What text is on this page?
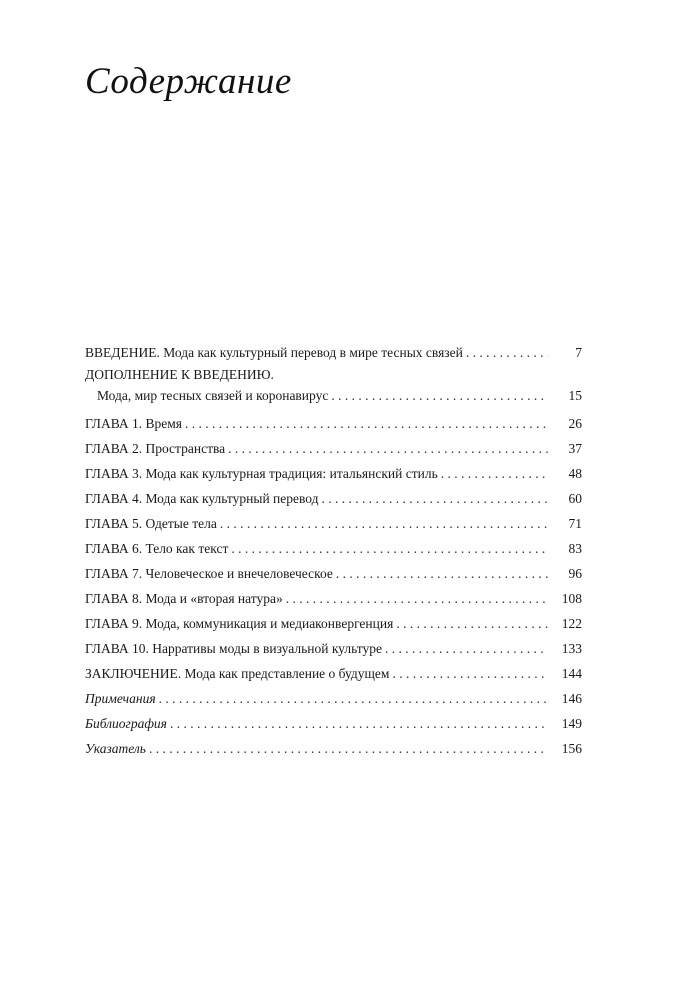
Содержание
ВВЕДЕНИЕ. Мода как культурный перевод в мире тесных связей . . .	7
ДОПОЛНЕНИЕ К ВВЕДЕНИЮ.
Мода, мир тесных связей и коронавирус . . .	15
ГЛАВА 1. Время . . .	26
ГЛАВА 2. Пространства . . .	37
ГЛАВА 3. Мода как культурная традиция: итальянский стиль . . .	48
ГЛАВА 4. Мода как культурный перевод . . .	60
ГЛАВА 5. Одетые тела . . .	71
ГЛАВА 6. Тело как текст . . .	83
ГЛАВА 7. Человеческое и внечеловеческое . . .	96
ГЛАВА 8. Мода и «вторая натура» . . .	108
ГЛАВА 9. Мода, коммуникация и медиаконвергенция . . .	122
ГЛАВА 10. Нарративы моды в визуальной культуре . . .	133
ЗАКЛЮЧЕНИЕ. Мода как представление о будущем . . .	144
Примечания . . .	146
Библиография . . .	149
Указатель . . .	156
